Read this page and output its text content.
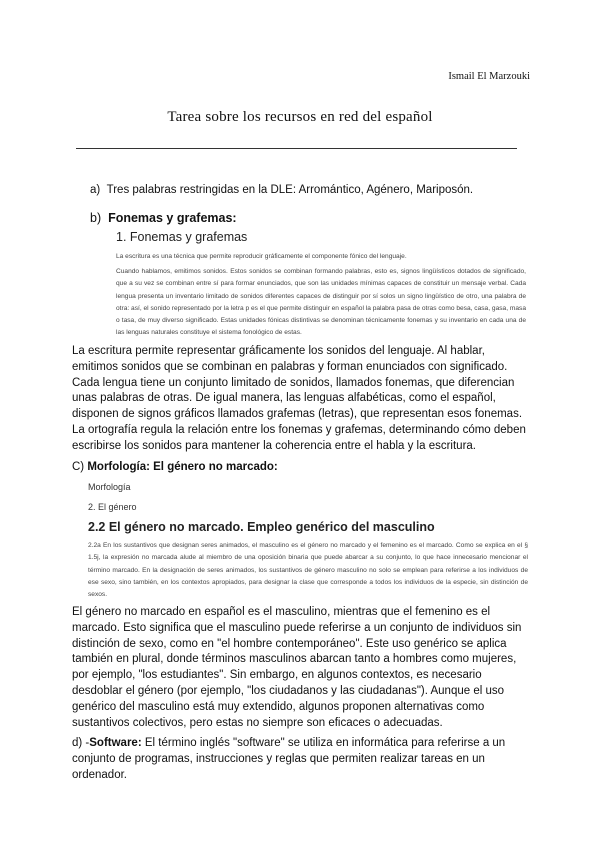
Ismail El Marzouki
Tarea sobre los recursos en red del español
a) Tres palabras restringidas en la DLE: Arromántico, Agénero, Mariposón.
b) Fonemas y grafemas:
1. Fonemas y grafemas
La escritura es una técnica que permite reproducir gráficamente el componente fónico del lenguaje.
Cuando hablamos, emitimos sonidos. Estos sonidos se combinan formando palabras, esto es, signos lingüísticos dotados de significado, que a su vez se combinan entre sí para formar enunciados, que son las unidades mínimas capaces de constituir un mensaje verbal. Cada lengua presenta un inventario limitado de sonidos diferentes capaces de distinguir por sí solos un signo lingüístico de otro, una palabra de otra: así, el sonido representado por la letra p es el que permite distinguir en español la palabra pasa de otras como besa, casa, gasa, masa o tasa, de muy diverso significado. Estas unidades fónicas distintivas se denominan técnicamente fonemas y su inventario en cada una de las lenguas naturales constituye el sistema fonológico de estas.
La escritura permite representar gráficamente los sonidos del lenguaje. Al hablar, emitimos sonidos que se combinan en palabras y forman enunciados con significado. Cada lengua tiene un conjunto limitado de sonidos, llamados fonemas, que diferencian unas palabras de otras. De igual manera, las lenguas alfabéticas, como el español, disponen de signos gráficos llamados grafemas (letras), que representan esos fonemas. La ortografía regula la relación entre los fonemas y grafemas, determinando cómo deben escribirse los sonidos para mantener la coherencia entre el habla y la escritura.
C) Morfología: El género no marcado:
Morfología
2. El género
2.2 El género no marcado. Empleo genérico del masculino
2.2a En los sustantivos que designan seres animados, el masculino es el género no marcado y el femenino es el marcado. Como se explica en el § 1.5j, la expresión no marcada alude al miembro de una oposición binaria que puede abarcar a su conjunto, lo que hace innecesario mencionar el término marcado. En la designación de seres animados, los sustantivos de género masculino no solo se emplean para referirse a los individuos de ese sexo, sino también, en los contextos apropiados, para designar la clase que corresponde a todos los individuos de la especie, sin distinción de sexos.
El género no marcado en español es el masculino, mientras que el femenino es el marcado. Esto significa que el masculino puede referirse a un conjunto de individuos sin distinción de sexo, como en "el hombre contemporáneo". Este uso genérico se aplica también en plural, donde términos masculinos abarcan tanto a hombres como mujeres, por ejemplo, "los estudiantes". Sin embargo, en algunos contextos, es necesario desdoblar el género (por ejemplo, "los ciudadanos y las ciudadanas"). Aunque el uso genérico del masculino está muy extendido, algunos proponen alternativas como sustantivos colectivos, pero estas no siempre son eficaces o adecuadas.
d) -Software: El término inglés "software" se utiliza en informática para referirse a un conjunto de programas, instrucciones y reglas que permiten realizar tareas en un ordenador.
